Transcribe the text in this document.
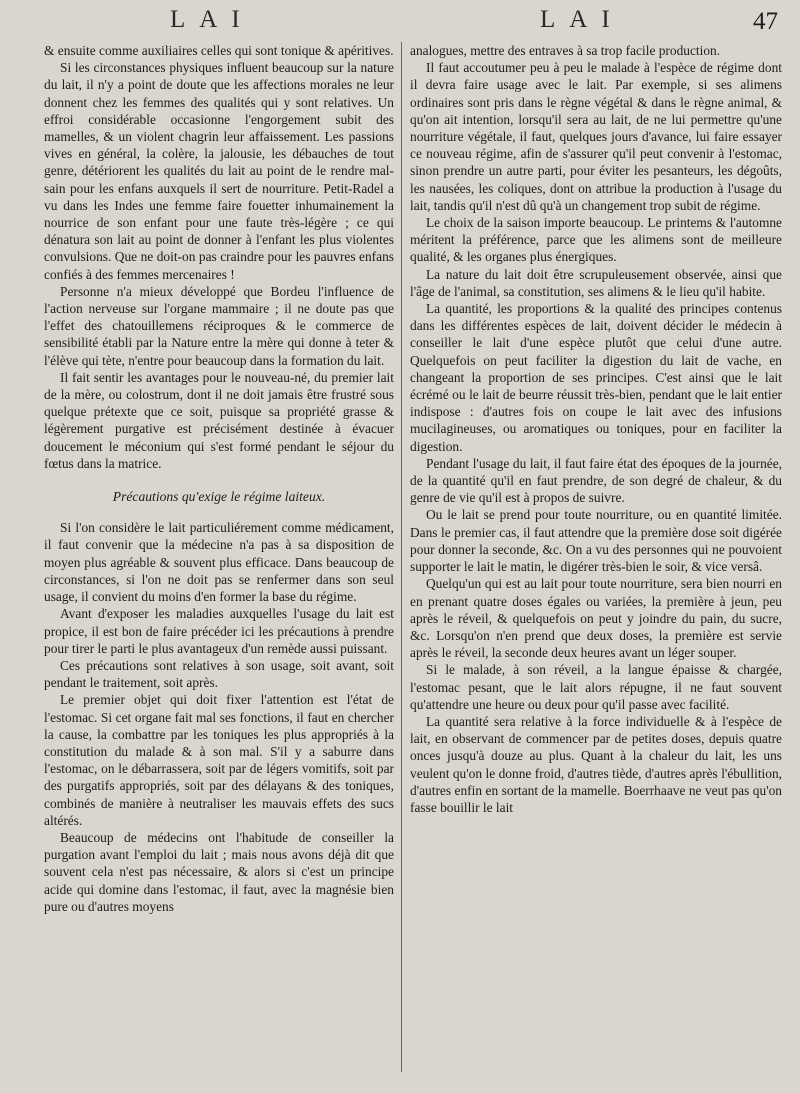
LAI	LAI	47

& ensuite comme auxiliaires celles qui sont tonique & apéritives.

Si les circonstances physiques influent beaucoup sur la nature du lait, il n'y a point de doute que les affections morales ne leur donnent chez les femmes des qualités qui y sont relatives. Un effroi considérable occasionne l'engorgement subit des mamelles, & un violent chagrin leur affaissement. Les passions vives en général, la colère, la jalousie, les débauches de tout genre, détériorent les qualités du lait au point de le rendre mal-sain pour les enfans auxquels il sert de nourriture. Petit-Radel a vu dans les Indes une femme faire fouetter inhumainement la nourrice de son enfant pour une faute très-légère ; ce qui dénatura son lait au point de donner à l'enfant les plus violentes convulsions. Que ne doit-on pas craindre pour les pauvres enfans confiés à des femmes mercenaires !

Personne n'a mieux développé que Bordeu l'influence de l'action nerveuse sur l'organe mammaire ; il ne doute pas que l'effet des chatouillemens réciproques & le commerce de sensibilité établi par la Nature entre la mère qui donne à teter & l'élève qui tète, n'entre pour beaucoup dans la formation du lait.

Il fait sentir les avantages pour le nouveau-né, du premier lait de la mère, ou colostrum, dont il ne doit jamais être frustré sous quelque prétexte que ce soit, puisque sa propriété grasse & légèrement purgative est précisément destinée à évacuer doucement le méconium qui s'est formé pendant le séjour du fœtus dans la matrice.

Précautions qu'exige le régime laiteux.

Si l'on considère le lait particuliérement comme médicament, il faut convenir que la médecine n'a pas à sa disposition de moyen plus agréable & souvent plus efficace. Dans beaucoup de circonstances, si l'on ne doit pas se renfermer dans son seul usage, il convient du moins d'en former la base du régime.

Avant d'exposer les maladies auxquelles l'usage du lait est propice, il est bon de faire précéder ici les précautions à prendre pour tirer le parti le plus avantageux d'un remède aussi puissant.

Ces précautions sont relatives à son usage, soit avant, soit pendant le traitement, soit après.

Le premier objet qui doit fixer l'attention est l'état de l'estomac. Si cet organe fait mal ses fonctions, il faut en chercher la cause, la combattre par les toniques les plus appropriés à la constitution du malade & à son mal. S'il y a saburre dans l'estomac, on le débarrassera, soit par de légers vomitifs, soit par des purgatifs appropriés, soit par des délayans & des toniques, combinés de manière à neutraliser les mauvais effets des sucs altérés.

Beaucoup de médecins ont l'habitude de conseiller la purgation avant l'emploi du lait ; mais nous avons déjà dit que souvent cela n'est pas nécessaire, & alors si c'est un principe acide qui domine dans l'estomac, il faut, avec la magnésie bien pure ou d'autres moyens

analogues, mettre des entraves à sa trop facile production.

Il faut accoutumer peu à peu le malade à l'espèce de régime dont il devra faire usage avec le lait. Par exemple, si ses alimens ordinaires sont pris dans le règne végétal & dans le règne animal, & qu'on ait intention, lorsqu'il sera au lait, de ne lui permettre qu'une nourriture végétale, il faut, quelques jours d'avance, lui faire essayer ce nouveau régime, afin de s'assurer qu'il peut convenir à l'estomac, sinon prendre un autre parti, pour éviter les pesanteurs, les dégoûts, les nausées, les coliques, dont on attribue la production à l'usage du lait, tandis qu'il n'est dû qu'à un changement trop subit de régime.

Le choix de la saison importe beaucoup. Le printems & l'automne méritent la préférence, parce que les alimens sont de meilleure qualité, & les organes plus énergiques.

La nature du lait doit être scrupuleusement observée, ainsi que l'âge de l'animal, sa constitution, ses alimens & le lieu qu'il habite.

La quantité, les proportions & la qualité des principes contenus dans les différentes espèces de lait, doivent décider le médecin à conseiller le lait d'une espèce plutôt que celui d'une autre. Quelquefois on peut faciliter la digestion du lait de vache, en changeant la proportion de ses principes. C'est ainsi que le lait écrémé ou le lait de beurre réussit très-bien, pendant que le lait entier indispose : d'autres fois on coupe le lait avec des infusions mucilagineuses, ou aromatiques ou toniques, pour en faciliter la digestion.

Pendant l'usage du lait, il faut faire état des époques de la journée, de la quantité qu'il en faut prendre, de son degré de chaleur, & du genre de vie qu'il est à propos de suivre.

Ou le lait se prend pour toute nourriture, ou en quantité limitée. Dans le premier cas, il faut attendre que la première dose soit digérée pour donner la seconde, &c. On a vu des personnes qui ne pouvoient supporter le lait le matin, le digérer très-bien le soir, & vice versâ.

Quelqu'un qui est au lait pour toute nourriture, sera bien nourri en en prenant quatre doses égales ou variées, la première à jeun, peu après le réveil, & quelquefois on peut y joindre du pain, du sucre, &c. Lorsqu'on n'en prend que deux doses, la première est servie après le réveil, la seconde deux heures avant un léger souper.

Si le malade, à son réveil, a la langue épaisse & chargée, l'estomac pesant, que le lait alors répugne, il ne faut souvent qu'attendre une heure ou deux pour qu'il passe avec facilité.

La quantité sera relative à la force individuelle & à l'espèce de lait, en observant de commencer par de petites doses, depuis quatre onces jusqu'à douze au plus. Quant à la chaleur du lait, les uns veulent qu'on le donne froid, d'autres tiède, d'autres après l'ébullition, d'autres enfin en sortant de la mamelle. Boerrhaave ne veut pas qu'on fasse bouillir le lait
